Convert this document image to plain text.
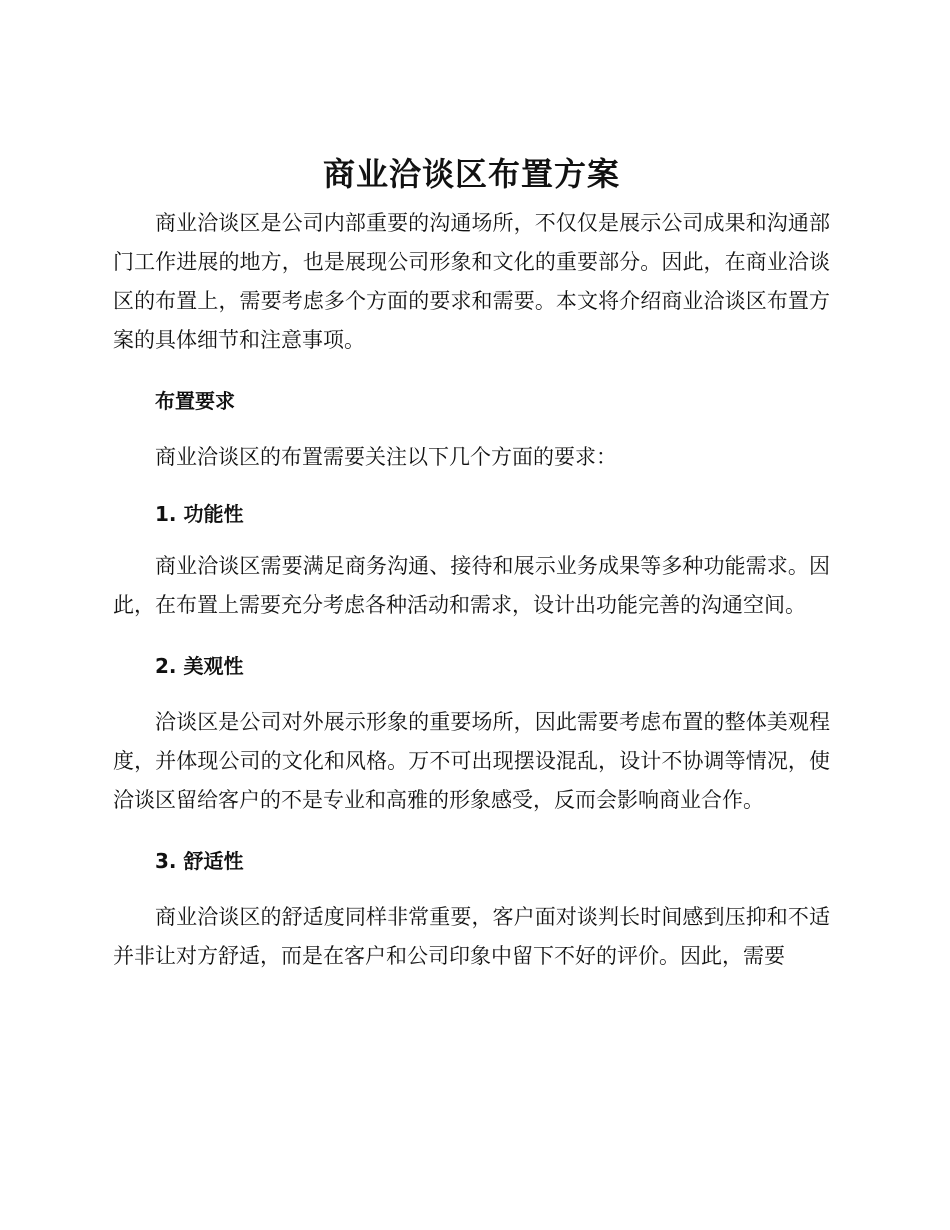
商业洽谈区布置方案

商业洽谈区是公司内部重要的沟通场所，不仅仅是展示公司成果和沟通部门工作进展的地方，也是展现公司形象和文化的重要部分。因此，在商业洽谈区的布置上，需要考虑多个方面的要求和需要。本文将介绍商业洽谈区布置方案的具体细节和注意事项。

布置要求

商业洽谈区的布置需要关注以下几个方面的要求：

1. 功能性

商业洽谈区需要满足商务沟通、接待和展示业务成果等多种功能需求。因此，在布置上需要充分考虑各种活动和需求，设计出功能完善的沟通空间。

2. 美观性

洽谈区是公司对外展示形象的重要场所，因此需要考虑布置的整体美观程度，并体现公司的文化和风格。万不可出现摆设混乱，设计不协调等情况，使洽谈区留给客户的不是专业和高雅的形象感受，反而会影响商业合作。

3. 舒适性

商业洽谈区的舒适度同样非常重要，客户面对谈判长时间感到压抑和不适并非让对方舒适，而是在客户和公司印象中留下不好的评价。因此，需要
